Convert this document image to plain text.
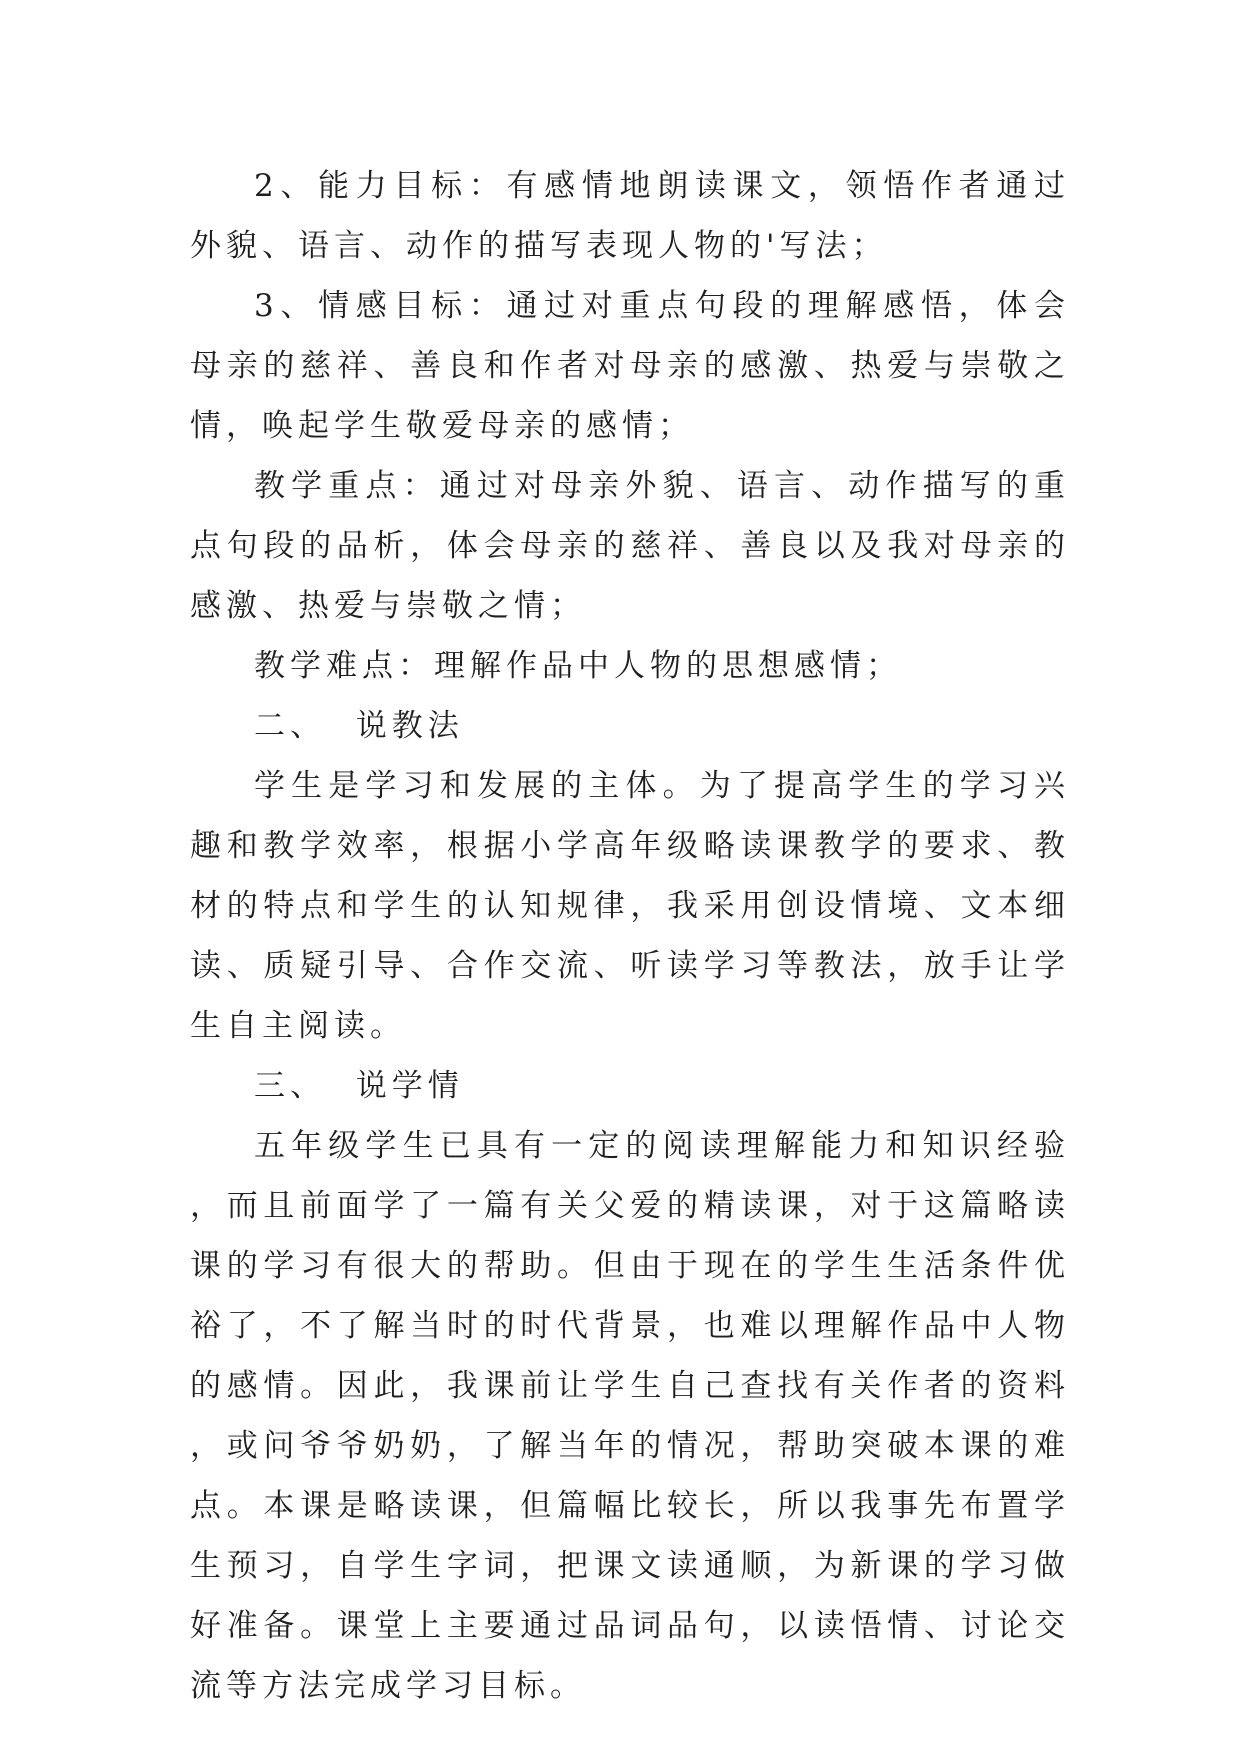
2、能力目标：有感情地朗读课文，领悟作者通过外貌、语言、动作的描写表现人物的'写法；

3、情感目标：通过对重点句段的理解感悟，体会母亲的慈祥、善良和作者对母亲的感激、热爱与崇敬之情，唤起学生敬爱母亲的感情；

教学重点：通过对母亲外貌、语言、动作描写的重点句段的品析，体会母亲的慈祥、善良以及我对母亲的感激、热爱与崇敬之情；

教学难点：理解作品中人物的思想感情；

二、  说教法

学生是学习和发展的主体。为了提高学生的学习兴趣和教学效率，根据小学高年级略读课教学的要求、教材的特点和学生的认知规律，我采用创设情境、文本细读、质疑引导、合作交流、听读学习等教法，放手让学生自主阅读。

三、  说学情

五年级学生已具有一定的阅读理解能力和知识经验，而且前面学了一篇有关父爱的精读课，对于这篇略读课的学习有很大的帮助。但由于现在的学生生活条件优裕了，不了解当时的时代背景，也难以理解作品中人物的感情。因此，我课前让学生自己查找有关作者的资料，或问爷爷奶奶，了解当年的情况，帮助突破本课的难点。本课是略读课，但篇幅比较长，所以我事先布置学生预习，自学生字词，把课文读通顺，为新课的学习做好准备。课堂上主要通过品词品句，以读悟情、讨论交流等方法完成学习目标。
